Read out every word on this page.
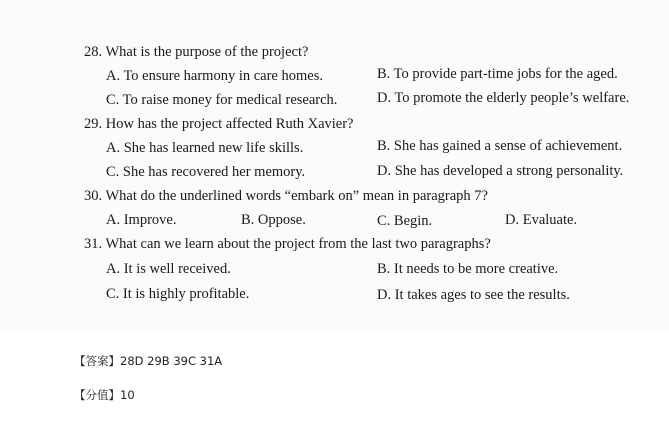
28. What is the purpose of the project?
A. To ensure harmony in care homes.	B. To provide part-time jobs for the aged.
C. To raise money for medical research.	D. To promote the elderly people’s welfare.
29. How has the project affected Ruth Xavier?
A. She has learned new life skills.	B. She has gained a sense of achievement.
C. She has recovered her memory.	D. She has developed a strong personality.
30. What do the underlined words “embark on” mean in paragraph 7?
A. Improve.	B. Oppose.	C. Begin.	D. Evaluate.
31. What can we learn about the project from the last two paragraphs?
A. It is well received.	B. It needs to be more creative.
C. It is highly profitable.	D. It takes ages to see the results.
【答案】28D 29B 39C 31A
【分值】10
